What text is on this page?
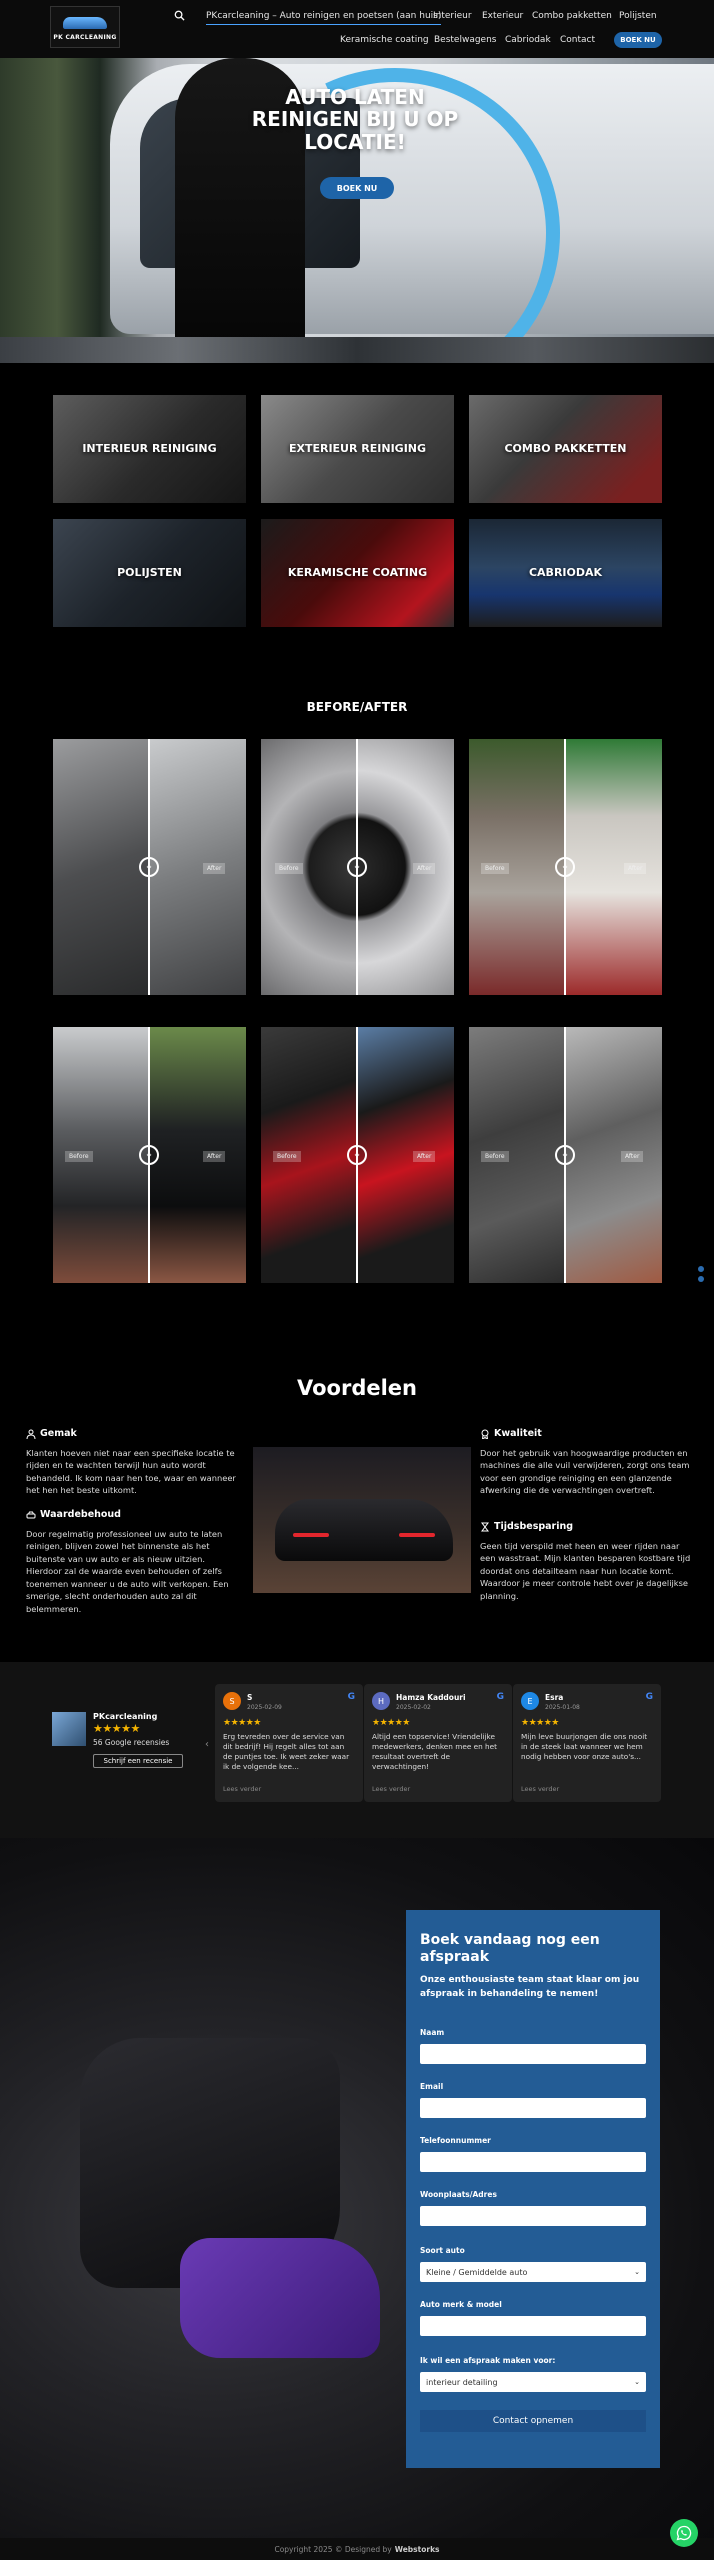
PK CARCLEANING
PKcarcleaning – Auto reinigen en poetsen (aan huis)
Interieur Exterieur Combo pakketten Polijsten
Keramische coating Bestelwagens Cabriodak Contact	BOEK NU
AUTO LATEN REINIGEN BIJ U OP LOCATIE!
BOEK NU
INTERIEUR REINIGING	EXTERIEUR REINIGING	COMBO PAKKETTEN
POLIJSTEN	KERAMISCHE COATING	CABRIODAK
BEFORE/AFTER
‹›	After	‹›
Before	After	‹›
Before	After
‹›
Before	After	‹›
Before	After	‹›
Before	After
Voordelen
Gemak
Klanten hoeven niet naar een specifieke locatie te rijden en te wachten terwijl hun auto wordt behandeld. Ik kom naar hen toe, waar en wanneer het hen het beste uitkomt.
Waardebehoud
Door regelmatig professioneel uw auto te laten reinigen, blijven zowel het binnenste als het buitenste van uw auto er als nieuw uitzien. Hierdoor zal de waarde even behouden of zelfs toenemen wanneer u de auto wilt verkopen. Een smerige, slecht onderhouden auto zal dit belemmeren.
Kwaliteit
Door het gebruik van hoogwaardige producten en machines die alle vuil verwijderen, zorgt ons team voor een grondige reiniging en een glanzende afwerking die de verwachtingen overtreft.
Tijdsbesparing
Geen tijd verspild met heen en weer rijden naar een wasstraat. Mijn klanten besparen kostbare tijd doordat ons detailteam naar hun locatie komt. Waardoor je meer controle hebt over je dagelijkse planning.
PKcarcleaning
★★★★★
56 Google recensies
Schrijf een recensie
‹
S	S
2025-02-09
G
★★★★★
Erg tevreden over de service van dit bedrijf! Hij regelt alles tot aan de puntjes toe. Ik weet zeker waar ik de volgende kee...
Lees verder
H	Hamza Kaddouri
2025-02-02
G
★★★★★
Altijd een topservice! Vriendelijke medewerkers, denken mee en het resultaat overtreft de verwachtingen!
Lees verder
E	Esra
2025-01-08
G
★★★★★
Mijn leve buurjongen die ons nooit in de steek laat wanneer we hem nodig hebben voor onze auto's...
Lees verder
Boek vandaag nog een afspraak
Onze enthousiaste team staat klaar om jou afspraak in behandeling te nemen!
Naam
Email
Telefoonnummer
Woonplaats/Adres
Soort auto
Kleine / Gemiddelde auto	⌄
Auto merk & model
Ik wil een afspraak maken voor:
interieur detailing	⌄
Contact opnemen
Copyright 2025 © Designed by Webstorks
